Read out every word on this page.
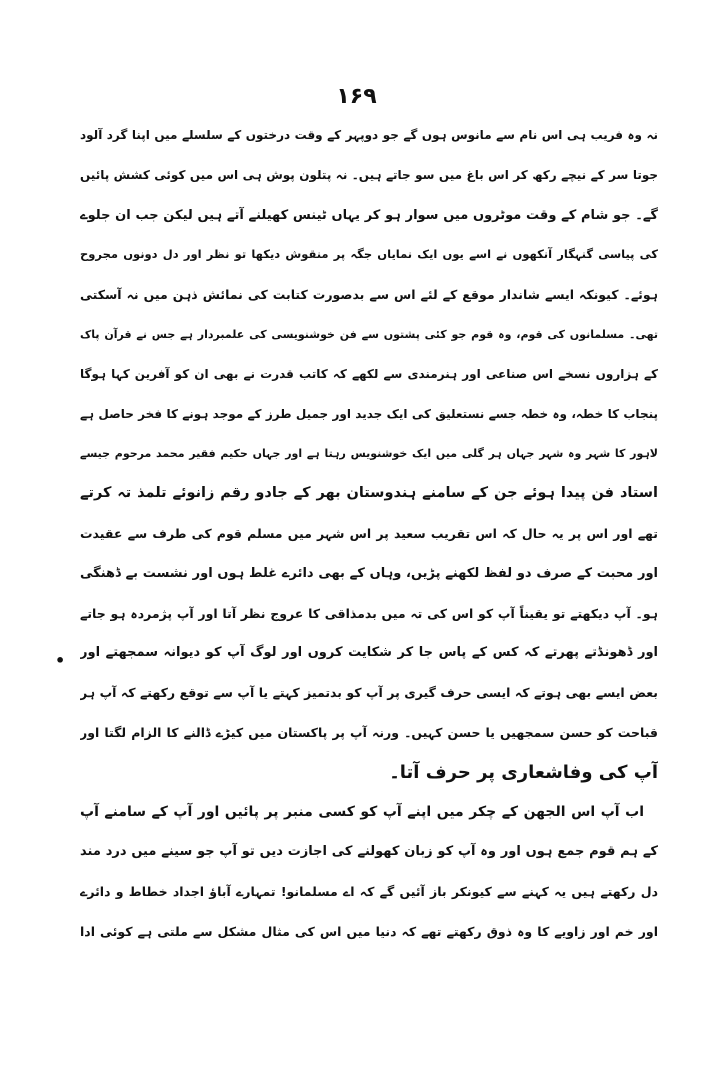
۱۶۹
•
نہ وہ فریب ہی اس نام سے مانوس ہوں گے جو دوپہر کے وقت درختوں کے سلسلے میں اپنا گرد آلود
جوتا سر کے نیچے رکھ کر اس باغ میں سو جاتے ہیں۔ نہ پتلون پوش ہی اس میں کوئی کشش پائیں
گے۔ جو شام کے وقت موٹروں میں سوار ہو کر یہاں ٹینس کھیلنے آتے ہیں لیکن جب ان جلوے
کی پیاسی گنہگار آنکھوں نے اسے یوں ایک نمایاں جگہ پر منقوش دیکھا تو نظر اور دل دونوں مجروح
ہوئے۔ کیونکہ ایسے شاندار موقع کے لئے اس سے بدصورت کتابت کی نمائش ذہن میں نہ آسکتی
تھی۔ مسلمانوں کی قوم، وہ قوم جو کئی پشتوں سے فن خوشنویسی کی علمبردار ہے جس نے قرآن پاک
کے ہزاروں نسخے اس صناعی اور ہنرمندی سے لکھے کہ کاتب قدرت نے بھی ان کو آفرین کہا ہوگا
پنجاب کا خطہ، وہ خطہ جسے نستعلیق کی ایک جدید اور جمیل طرز کے موجد ہونے کا فخر حاصل ہے
لاہور کا شہر وہ شہر جہاں ہر گلی میں ایک خوشنویس رہتا ہے اور جہاں حکیم فقیر محمد مرحوم جیسے
استاد فن پیدا ہوئے جن کے سامنے ہندوستان بھر کے جادو رقم زانوئے تلمذ تہ کرتے
تھے اور اس پر یہ حال کہ اس تقریب سعید پر اس شہر میں مسلم قوم کی طرف سے عقیدت
اور محبت کے صرف دو لفظ لکھنے پڑیں، وہاں کے بھی دائرے غلط ہوں اور نشست بے ڈھنگی
ہو۔ آپ دیکھتے تو یقیناً آپ کو اس کی تہ میں بدمذاقی کا عروج نظر آتا اور آپ پژمردہ ہو جاتے
اور ڈھونڈتے پھرتے کہ کس کے پاس جا کر شکایت کروں اور لوگ آپ کو دیوانہ سمجھتے اور
بعض ایسے بھی ہوتے کہ ایسی حرف گیری پر آپ کو بدتمیز کہتے یا آپ سے توقع رکھتے کہ آپ ہر
قباحت کو حسن سمجھیں یا حسن کہیں۔ ورنہ آپ پر پاکستان میں کیڑے ڈالنے کا الزام لگتا اور
آپ کی وفاشعاری پر حرف آتا۔
اب آپ اس الجھن کے چکر میں اپنے آپ کو کسی منبر پر پائیں اور آپ کے سامنے آپ
کے ہم قوم جمع ہوں اور وہ آپ کو زبان کھولنے کی اجازت دیں تو آپ جو سینے میں درد مند
دل رکھتے ہیں یہ کہنے سے کیونکر باز آئیں گے کہ اے مسلمانو! تمہارے آباؤ اجداد خطاط و دائرے
اور خم اور زاویے کا وہ ذوق رکھتے تھے کہ دنیا میں اس کی مثال مشکل سے ملتی ہے کوئی ادا
